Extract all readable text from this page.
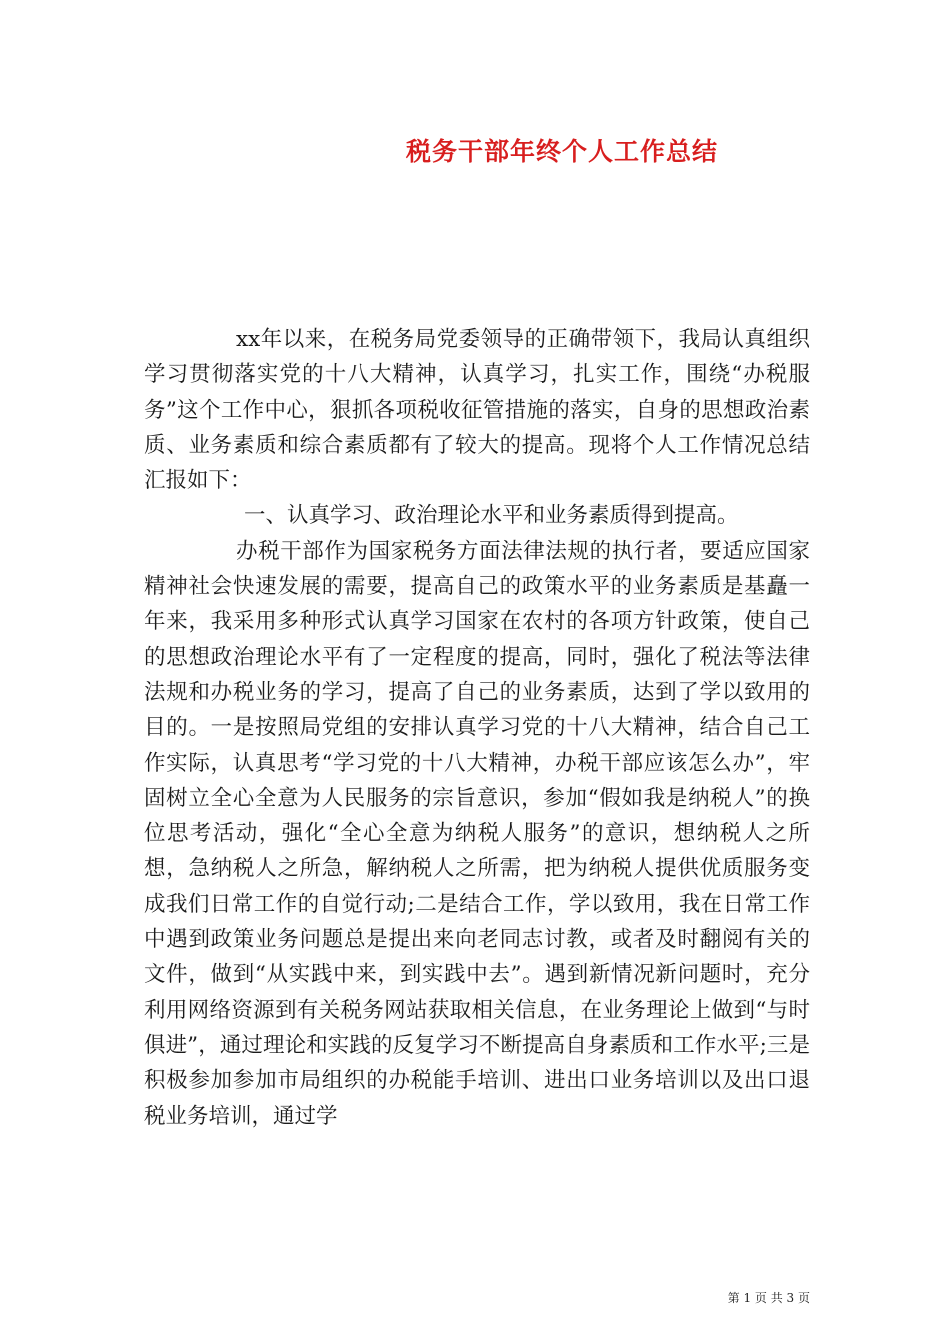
税务干部年终个人工作总结

xx年以来，在税务局党委领导的正确带领下，我局认真组织学习贯彻落实党的十八大精神，认真学习，扎实工作，围绕“办税服务”这个工作中心，狠抓各项税收征管措施的落实，自身的思想政治素质、业务素质和综合素质都有了较大的提高。现将个人工作情况总结汇报如下：

一、认真学习、政治理论水平和业务素质得到提高。

办税干部作为国家税务方面法律法规的执行者，要适应国家精神社会快速发展的需要，提高自己的政策水平的业务素质是基矗一年来，我采用多种形式认真学习国家在农村的各项方针政策，使自己的思想政治理论水平有了一定程度的提高，同时，强化了税法等法律法规和办税业务的学习，提高了自己的业务素质，达到了学以致用的目的。一是按照局党组的安排认真学习党的十八大精神，结合自己工作实际，认真思考“学习党的十八大精神，办税干部应该怎么办”，牢固树立全心全意为人民服务的宗旨意识，参加“假如我是纳税人”的换位思考活动，强化“全心全意为纳税人服务”的意识，想纳税人之所想，急纳税人之所急，解纳税人之所需，把为纳税人提供优质服务变成我们日常工作的自觉行动;二是结合工作，学以致用，我在日常工作中遇到政策业务问题总是提出来向老同志讨教，或者及时翻阅有关的文件，做到“从实践中来，到实践中去”。遇到新情况新问题时，充分利用网络资源到有关税务网站获取相关信息，在业务理论上做到“与时俱进”，通过理论和实践的反复学习不断提高自身素质和工作水平;三是积极参加参加市局组织的办税能手培训、进出口业务培训以及出口退税业务培训，通过学

第 1 页 共 3 页
